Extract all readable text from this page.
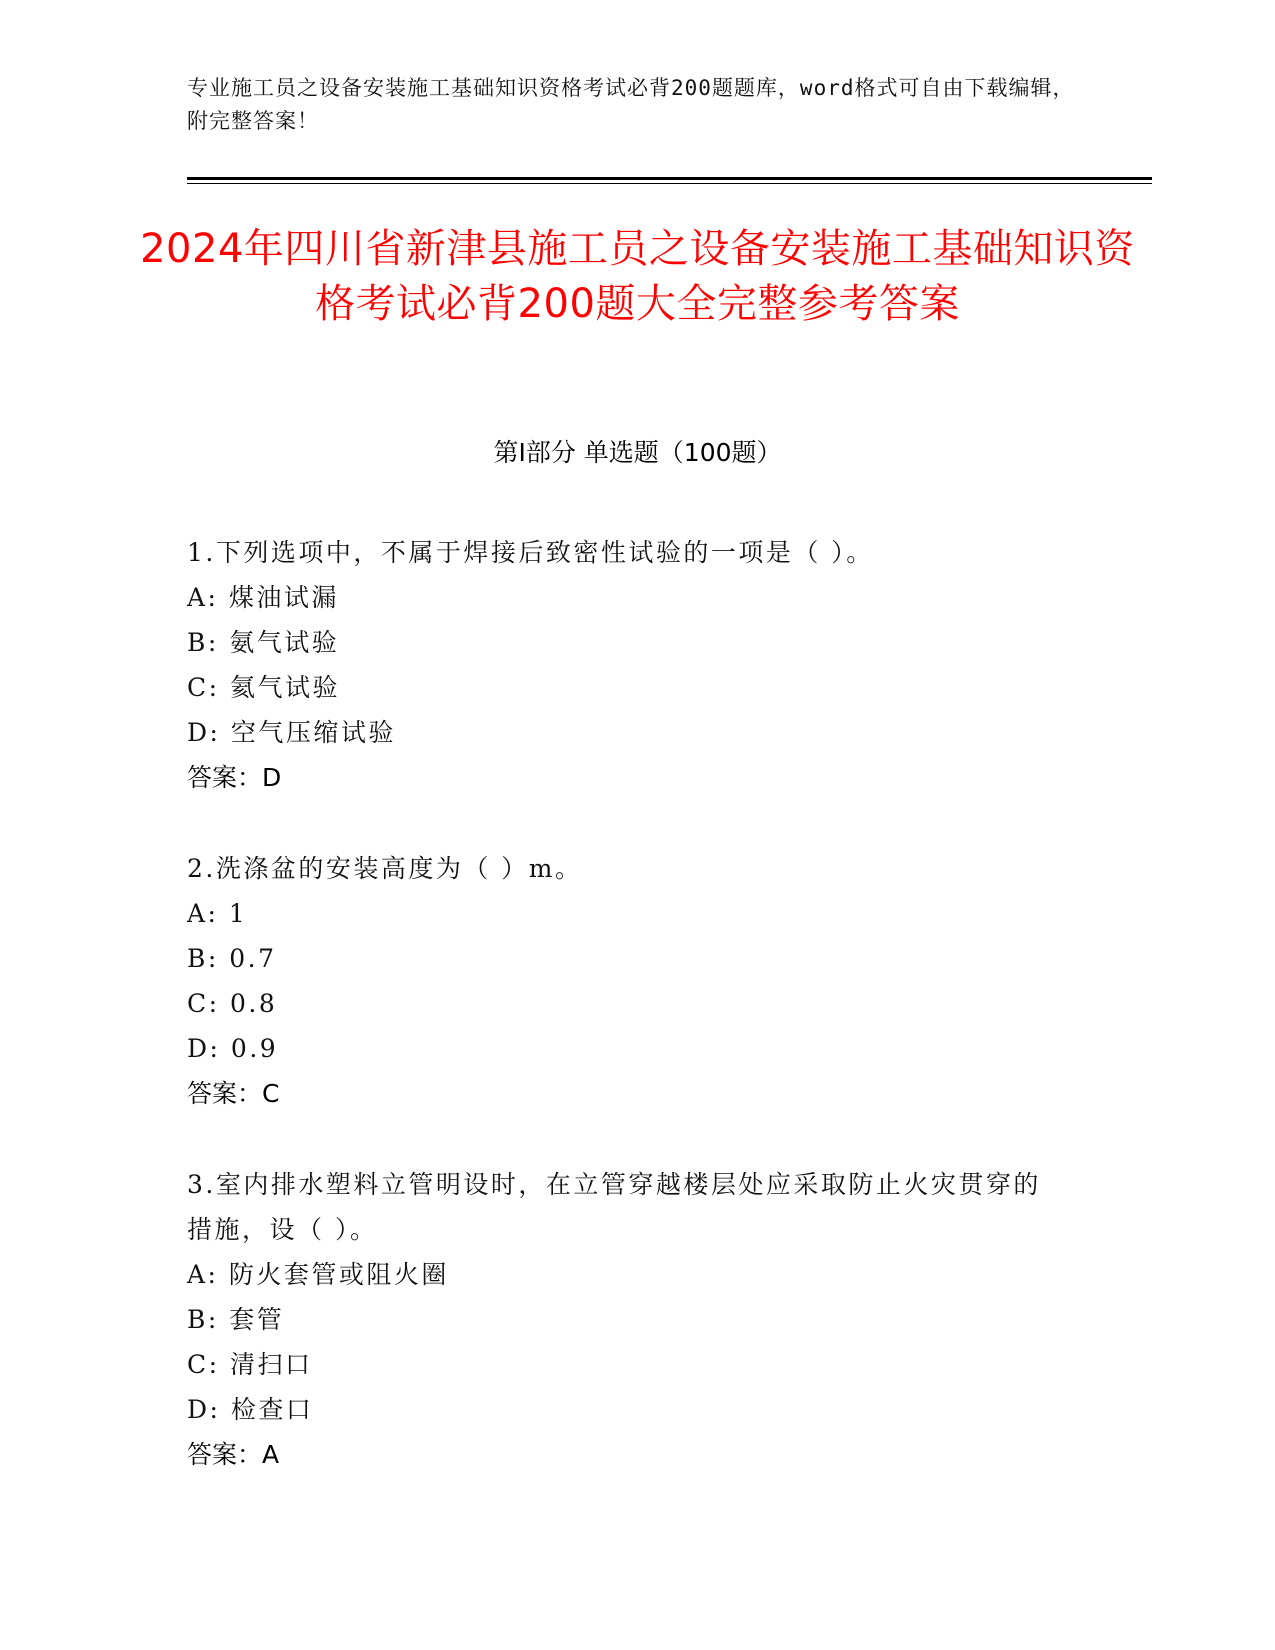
专业施工员之设备安装施工基础知识资格考试必背200题题库，word格式可自由下载编辑，附完整答案！
2024年四川省新津县施工员之设备安装施工基础知识资格考试必背200题大全完整参考答案
第I部分 单选题（100题）
1.下列选项中，不属于焊接后致密性试验的一项是（ ）。
A: 煤油试漏
B: 氨气试验
C: 氦气试验
D: 空气压缩试验
答案：D
2.洗涤盆的安装高度为（ ）m。
A: 1
B: 0.7
C: 0.8
D: 0.9
答案：C
3.室内排水塑料立管明设时，在立管穿越楼层处应采取防止火灾贯穿的措施，设（ ）。
A: 防火套管或阻火圈
B: 套管
C: 清扫口
D: 检查口
答案：A
